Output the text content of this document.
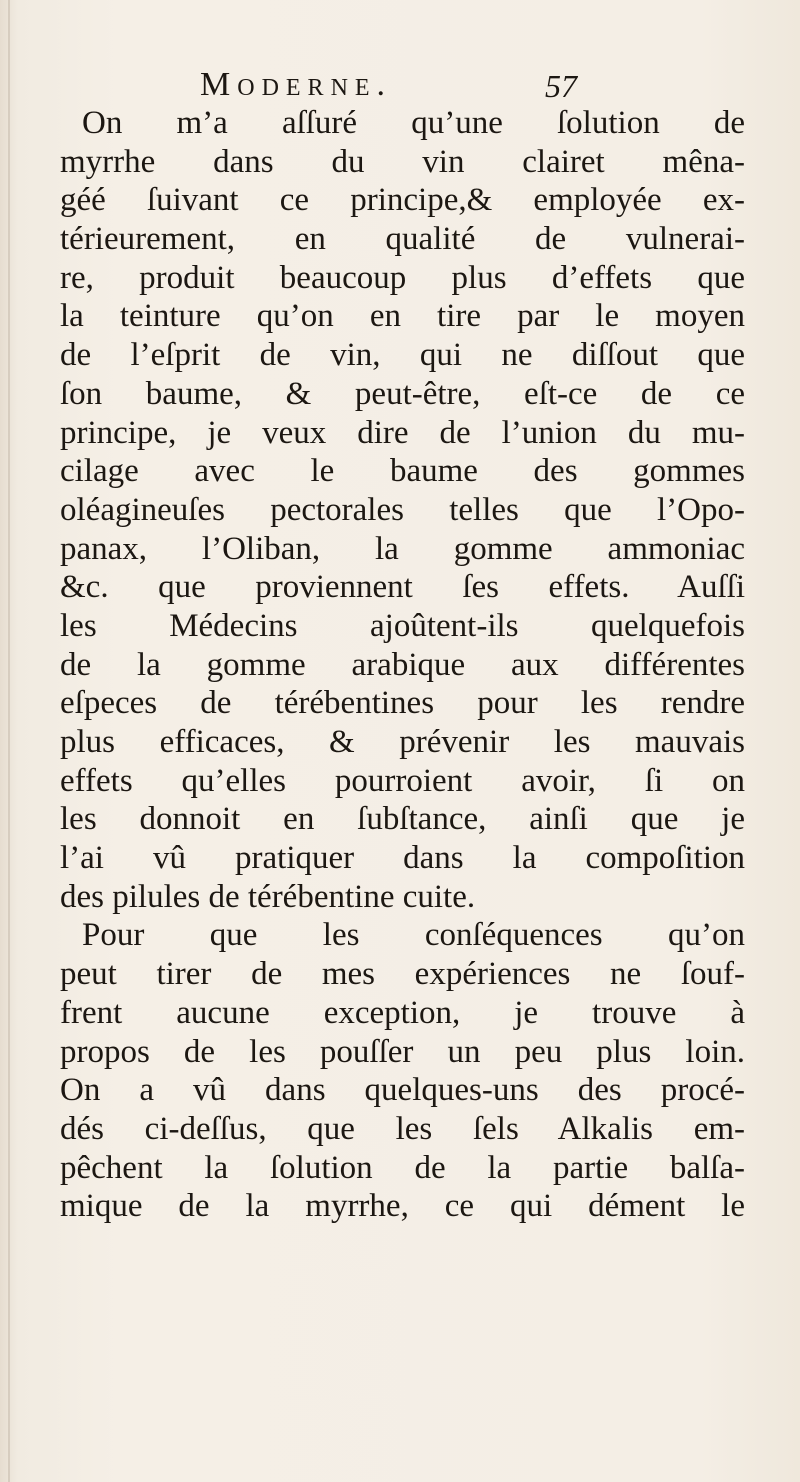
Moderne.	57
On m’a aſſuré qu’une ſolution de
myrrhe dans du vin clairet mêna-
géé ſuivant ce principe,& employée ex-
térieurement, en qualité de vulnerai-
re, produit beaucoup plus d’effets que
la teinture qu’on en tire par le moyen
de l’eſprit de vin, qui ne diſſout que
ſon baume, & peut-être, eſt-ce de ce
principe, je veux dire de l’union du mu-
cilage avec le baume des gommes
oléagineuſes pectorales telles que l’Opo-
panax, l’Oliban, la gomme ammoniac
&c. que proviennent ſes effets. Auſſi
les Médecins ajoûtent-ils quelquefois
de la gomme arabique aux différentes
eſpeces de térébentines pour les rendre
plus efficaces, & prévenir les mauvais
effets qu’elles pourroient avoir, ſi on
les donnoit en ſubſtance, ainſi que je
l’ai vû pratiquer dans la compoſition
des pilules de térébentine cuite.
Pour que les conſéquences qu’on
peut tirer de mes expériences ne ſouf-
frent aucune exception, je trouve à
propos de les pouſſer un peu plus loin.
On a vû dans quelques-uns des procé-
dés ci-deſſus, que les ſels Alkalis em-
pêchent la ſolution de la partie balſa-
mique de la myrrhe, ce qui dément le
